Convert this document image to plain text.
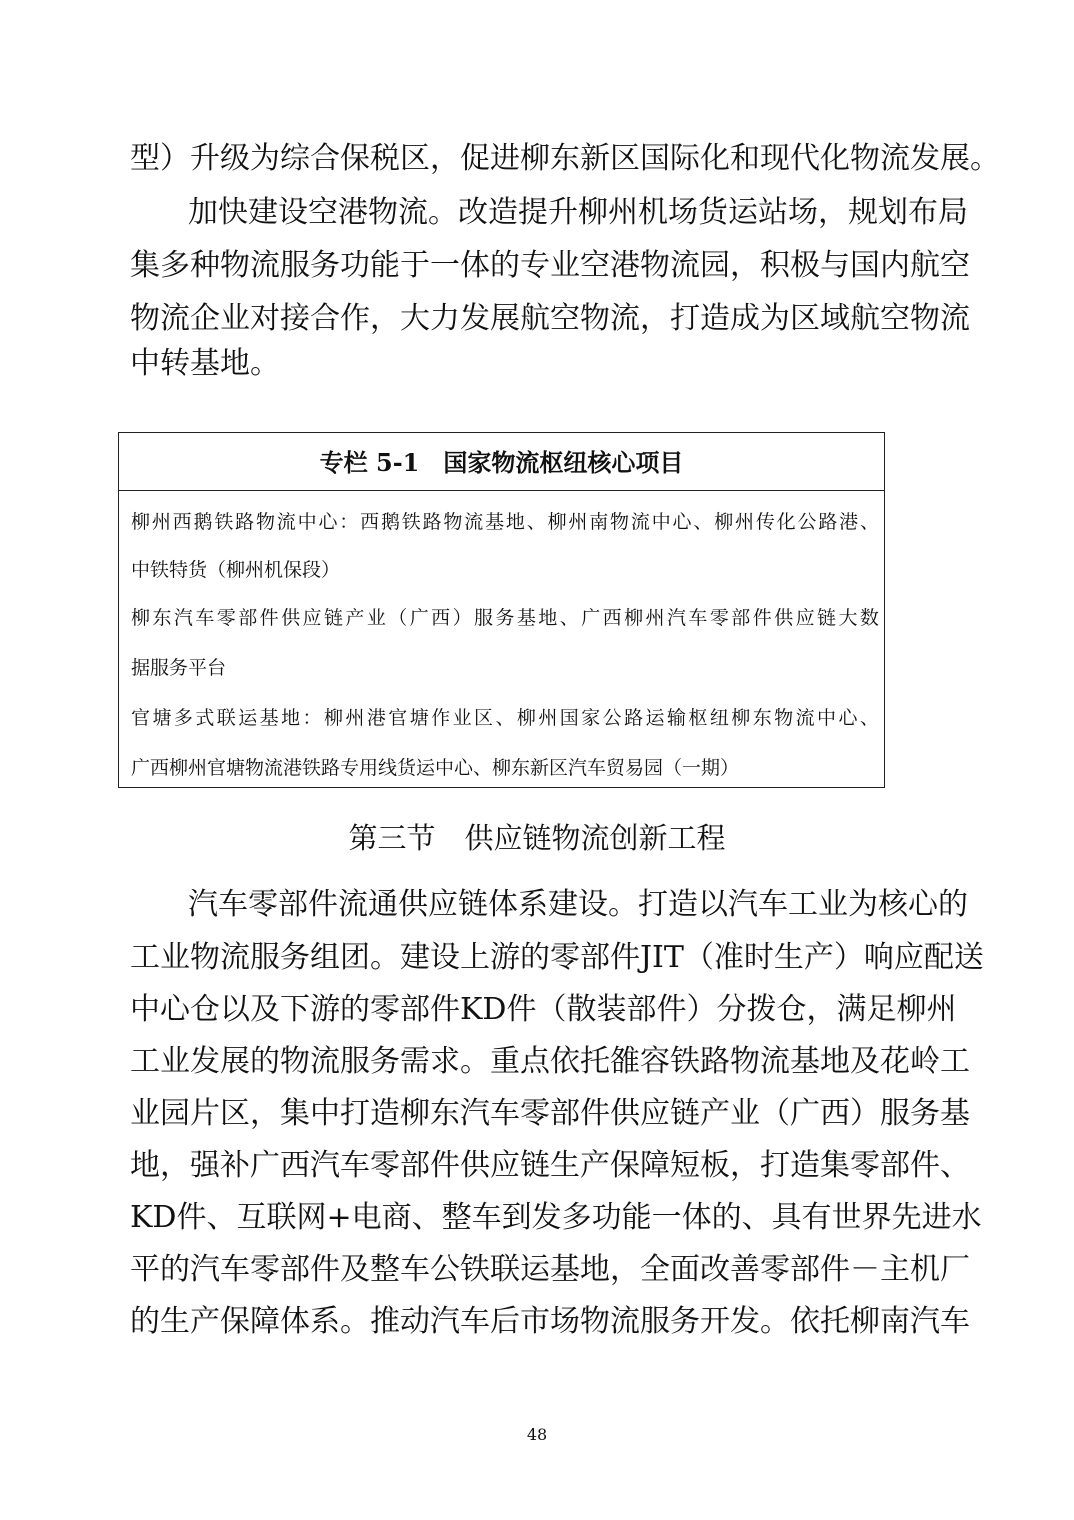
型 ） 升 级 为 综 合 保 税 区 ， 促 进 柳 东 新 区 国 际 化 和 现 代 化 物 流 发 展 。
加 快 建 设 空 港 物 流 。 改 造 提 升 柳 州 机 场 货 运 站 场 ， 规 划 布 局
集 多 种 物 流 服 务 功 能 于 一 体 的 专 业 空 港 物 流 园 ， 积 极 与 国 内 航 空
物 流 企 业 对 接 合 作 ， 大 力 发 展 航 空 物 流 ， 打 造 成 为 区 域 航 空 物 流
中转基地。
专栏 5-1　国家物流枢纽核心项目
柳 州 西 鹅 铁 路 物 流 中 心 ： 西 鹅 铁 路 物 流 基 地 、 柳 州 南 物 流 中 心 、 柳 州 传 化 公 路 港 、
中铁特货（柳州机保段）
柳 东 汽 车 零 部 件 供 应 链 产 业 （ 广 西 ） 服 务 基 地 、 广 西 柳 州 汽 车 零 部 件 供 应 链 大 数
据服务平台
官 塘 多 式 联 运 基 地 ： 柳 州 港 官 塘 作 业 区 、 柳 州 国 家 公 路 运 输 枢 纽 柳 东 物 流 中 心 、
广西柳州官塘物流港铁路专用线货运中心、柳东新区汽车贸易园（一期）
第三节　供应链物流创新工程
汽 车 零 部 件 流 通 供 应 链 体 系 建 设 。 打 造 以 汽 车 工 业 为 核 心 的
工 业 物 流 服 务 组 团 。 建 设 上 游 的 零 部 件 JIT （ 准 时 生 产 ） 响 应 配 送
中 心 仓 以 及 下 游 的 零 部 件 KD 件 （ 散 装 部 件 ） 分 拨 仓 ， 满 足 柳 州
工 业 发 展 的 物 流 服 务 需 求 。 重 点 依 托 雒 容 铁 路 物 流 基 地 及 花 岭 工
业 园 片 区 ， 集 中 打 造 柳 东 汽 车 零 部 件 供 应 链 产 业 （ 广 西 ） 服 务 基
地 ， 强 补 广 西 汽 车 零 部 件 供 应 链 生 产 保 障 短 板 ， 打 造 集 零 部 件 、
KD 件 、 互 联 网 + 电 商 、 整 车 到 发 多 功 能 一 体 的 、 具 有 世 界 先 进 水
平 的 汽 车 零 部 件 及 整 车 公 铁 联 运 基 地 ， 全 面 改 善 零 部 件 － 主 机 厂
的 生 产 保 障 体 系 。 推 动 汽 车 后 市 场 物 流 服 务 开 发 。 依 托 柳 南 汽 车
48
